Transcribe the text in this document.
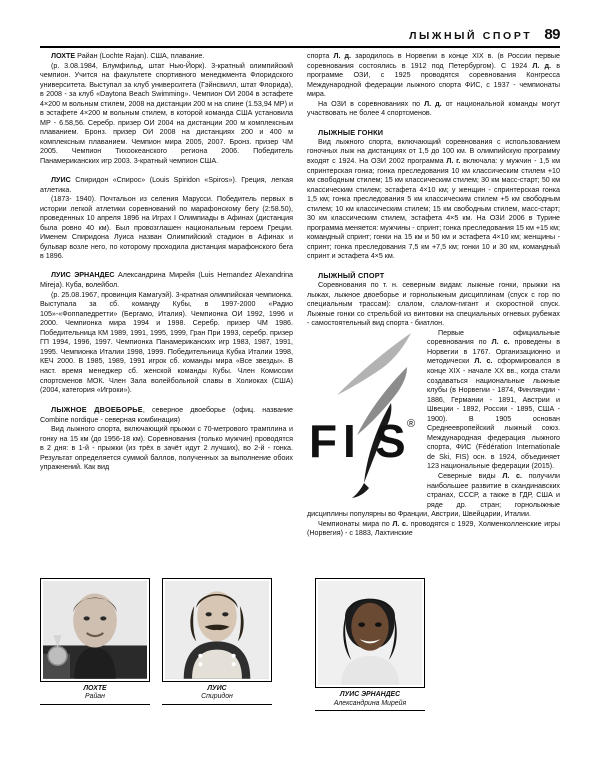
ЛЫЖНЫЙ СПОРТ 89

ЛОХТЕ Райан (Lochte Rajan). США, плавание.

(р. 3.08.1984, Блумфильд, штат Нью-Йорк). 3-кратный олимпийский чемпион. Учится на факультете спортивного менеджмента Флоридского университета. Выступал за клуб университета (Гэйнсвилл, штат Флорида), в 2008 - за клуб «Daytona Beach Swimming». Чемпион ОИ 2004 в эстафете 4×200 м вольным стилем, 2008 на дистанции 200 м на спине (1.53,94 МР) и в эстафете 4×200 м вольным стилем, в которой команда США установила МР - 6.58,56. Серебр. призер ОИ 2004 на дистанции 200 м комплексным плаванием. Бронз. призер ОИ 2008 на дистанциях 200 и 400 м комплексным плаванием. Чемпион мира 2005, 2007. Бронз. призер ЧМ 2005. Чемпион Тихоокеанского региона 2006. Победитель Панамериканских игр 2003. 3-кратный чемпион США.

ЛУИС Спиридон «Спирос» (Louis Spiridon «Spiros»). Греция, легкая атлетика.

(1873- 1940). Почтальон из селения Марусси. Победитель первых в истории легкой атлетики соревнований по марафонскому бегу (2:58.50), проведенных 10 апреля 1896 на Играх I Олимпиады в Афинах (дистанция была ровно 40 км). Был провозглашен национальным героем Греции. Именем Спиридона Луиса назван Олимпийский стадион в Афинах и бульвар возле него, по которому проходила дистанция марафонского бега в 1896.

ЛУИС ЭРНАНДЕС Александрина Мирейя (Luis Hernandez Alexandrina Mireja). Куба, волейбол.

(р. 25.08.1967, провинция Камагуэй). 3-кратная олимпийская чемпионка. Выступала за сб. команду Кубы, в 1997-2000 «Радио 105»-«Фоппапедретти» (Бергамо, Италия). Чемпионка ОИ 1992, 1996 и 2000. Чемпионка мира 1994 и 1998. Серебр. призер ЧМ 1986. Победительница КМ 1989, 1991, 1995, 1999, Гран При 1993, серебр. призер ГП 1994, 1996, 1997. Чемпионка Панамериканских игр 1983, 1987, 1991, 1995. Чемпионка Италии 1998, 1999. Победительница Кубка Италии 1998, КЕЧ 2000. В 1985, 1989, 1991 игрок сб. команды мира «Все звезды». В наст. время менеджер сб. женской команды Кубы. Член Комиссии спортсменов МОК. Член Зала волейбольной славы в Холиоках (США) (2004, категория «Игроки»).

ЛЫЖНОЕ ДВОЕБОРЬЕ, северное двоеборье (офиц. название Combine nordique - северная комбинация)

Вид лыжного спорта, включающий прыжки с 70-метрового трамплина и гонку на 15 км (до 1956-18 км). Соревнования (только мужчин) проводятся в 2 дня: в 1-й - прыжки (из трёх в зачёт идут 2 лучших), во 2-й - гонка. Результат определяется суммой баллов, полученных за выполнение обоих упражнений. Как вид

спорта Л. д. зародилось в Норвегии в конце XIX в. (в России первые соревнования состоялись в 1912 под Петербургом). С 1924 Л. д. в программе ОЗИ, с 1925 проводятся соревнования Конгресса Международной федерации лыжного спорта ФИС, с 1937 - чемпионаты мира.

На ОЗИ в соревнованиях по Л. д. от национальной команды могут участвовать не более 4 спортсменов.

ЛЫЖНЫЕ ГОНКИ

Вид лыжного спорта, включающий соревнования с использованием гоночных лыж на дистанциях от 1,5 до 100 км. В олимпийскую программу входят с 1924. На ОЗИ 2002 программа Л. г. включала: у мужчин - 1,5 км спринтерская гонка; гонка преследования 10 км классическим стилем +10 км свободным стилем; 15 км классическим стилем; 30 км масс-старт; 50 км классическим стилем; эстафета 4×10 км; у женщин - спринтерская гонка 1,5 км; гонка преследования 5 км классическим стилем +5 км свободным стилем; 10 км классическим стилем; 15 км свободным стилем, масс-старт; 30 км классическим стилем, эстафета 4×5 км. На ОЗИ 2006 в Турине программа меняется: мужчины - спринт; гонка преследования 15 км +15 км; командный спринт; гонки на 15 км и 50 км и эстафета 4×10 км; женщины - спринт; гонка преследования 7,5 км +7,5 км; гонки 10 и 30 км, командный спринт и эстафета 4×5 км.

ЛЫЖНЫЙ СПОРТ

Соревнования по т. н. северным видам: лыжные гонки, прыжки на лыжах, лыжное двоеборье и горнолыжным дисциплинам (спуск с гор по специальным трассам): слалом, слалом-гигант и скоростной спуск. Лыжные гонки со стрельбой из винтовки на специальных огневых рубежах - самостоятельный вид спорта - биатлон.

F I S ®

Первые официальные соревнования по Л. с. проведены в Норвегии в 1767. Организационно и методически Л. с. сформировался в конце XIX - начале XX вв., когда стали создаваться национальные лыжные клубы (в Норвегии - 1874, Финляндии - 1886, Германии - 1891, Австрии и Швеции - 1892, России - 1895, США - 1900). В 1905 основан Среднеевропейский лыжный союз. Международная федерация лыжного спорта, ФИС (Fédération Internationale de Ski, FIS) осн. в 1924, объединяет 123 национальные федерации (2015).

Северные виды Л. с. получили наибольшее развитие в скандинавских странах, СССР, а также в ГДР, США и ряде др. стран; горнолыжные дисциплины популярны во Франции, Австрии, Швейцарии, Италии.

Чемпионаты мира по Л. с. проводятся с 1929, Холменколленские игры (Норвегия) - с 1883, Лахтинские

ЛОХТЕ
Райан
ЛУИС
Спиридон	ЛУИС ЭРНАНДЕС
Александрина Мирейя
